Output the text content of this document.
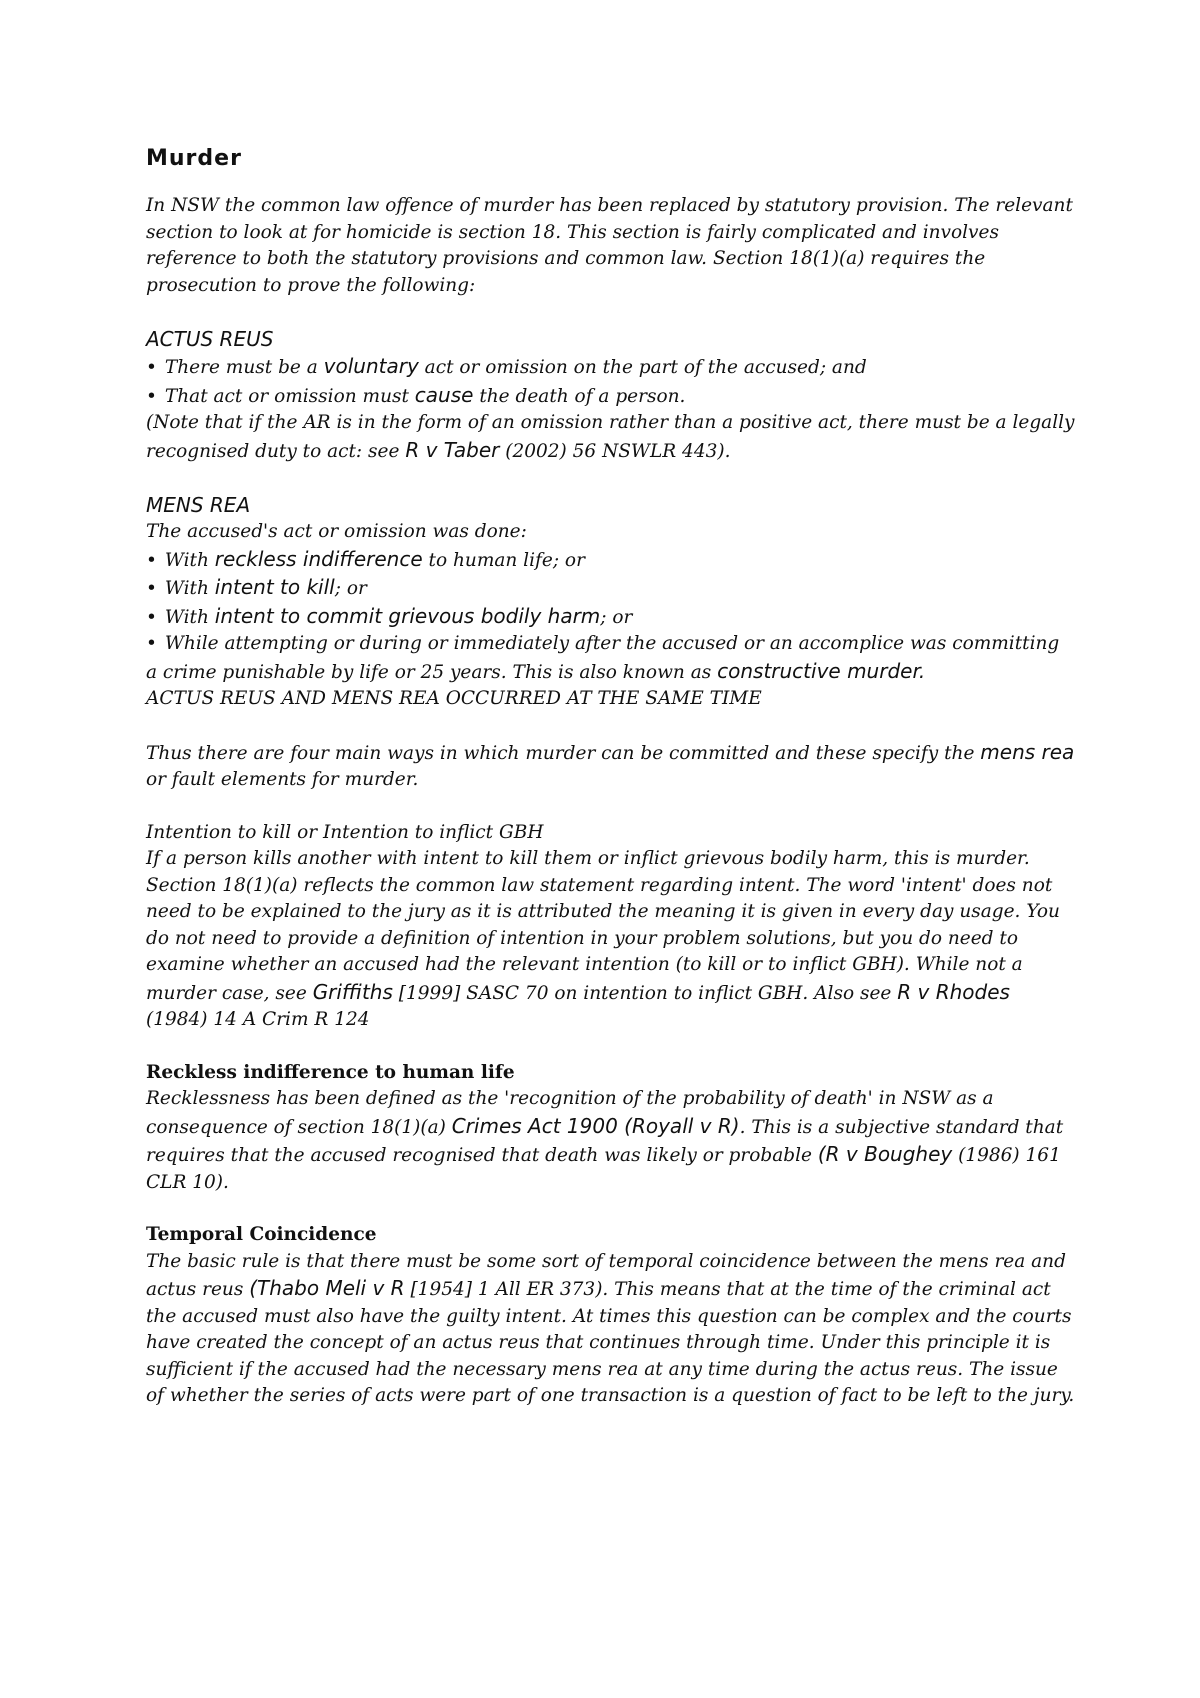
Murder

In NSW the common law offence of murder has been replaced by statutory provision. The relevant section to look at for homicide is section 18. This section is fairly complicated and involves reference to both the statutory provisions and common law. Section 18(1)(a) requires the prosecution to prove the following:

ACTUS REUS

• There must be a voluntary act or omission on the part of the accused; and
• That act or omission must cause the death of a person.

(Note that if the AR is in the form of an omission rather than a positive act, there must be a legally recognised duty to act: see R v Taber (2002) 56 NSWLR 443).

MENS REA

The accused's act or omission was done:

• With reckless indifference to human life; or
• With intent to kill; or
• With intent to commit grievous bodily harm; or
• While attempting or during or immediately after the accused or an accomplice was committing a crime punishable by life or 25 years. This is also known as constructive murder.

ACTUS REUS AND MENS REA OCCURRED AT THE SAME TIME

Thus there are four main ways in which murder can be committed and these specify the mens rea or fault elements for murder.

Intention to kill or Intention to inflict GBH

If a person kills another with intent to kill them or inflict grievous bodily harm, this is murder. Section 18(1)(a) reflects the common law statement regarding intent. The word 'intent' does not need to be explained to the jury as it is attributed the meaning it is given in every day usage. You do not need to provide a definition of intention in your problem solutions, but you do need to examine whether an accused had the relevant intention (to kill or to inflict GBH). While not a murder case, see Griffiths [1999] SASC 70 on intention to inflict GBH. Also see R v Rhodes (1984) 14 A Crim R 124

Reckless indifference to human life

Recklessness has been defined as the 'recognition of the probability of death' in NSW as a consequence of section 18(1)(a) Crimes Act 1900 (Royall v R). This is a subjective standard that requires that the accused recognised that death was likely or probable (R v Boughey (1986) 161 CLR 10).

Temporal Coincidence

The basic rule is that there must be some sort of temporal coincidence between the mens rea and actus reus (Thabo Meli v R [1954] 1 All ER 373). This means that at the time of the criminal act the accused must also have the guilty intent. At times this question can be complex and the courts have created the concept of an actus reus that continues through time. Under this principle it is sufficient if the accused had the necessary mens rea at any time during the actus reus. The issue of whether the series of acts were part of one transaction is a question of fact to be left to the jury.
